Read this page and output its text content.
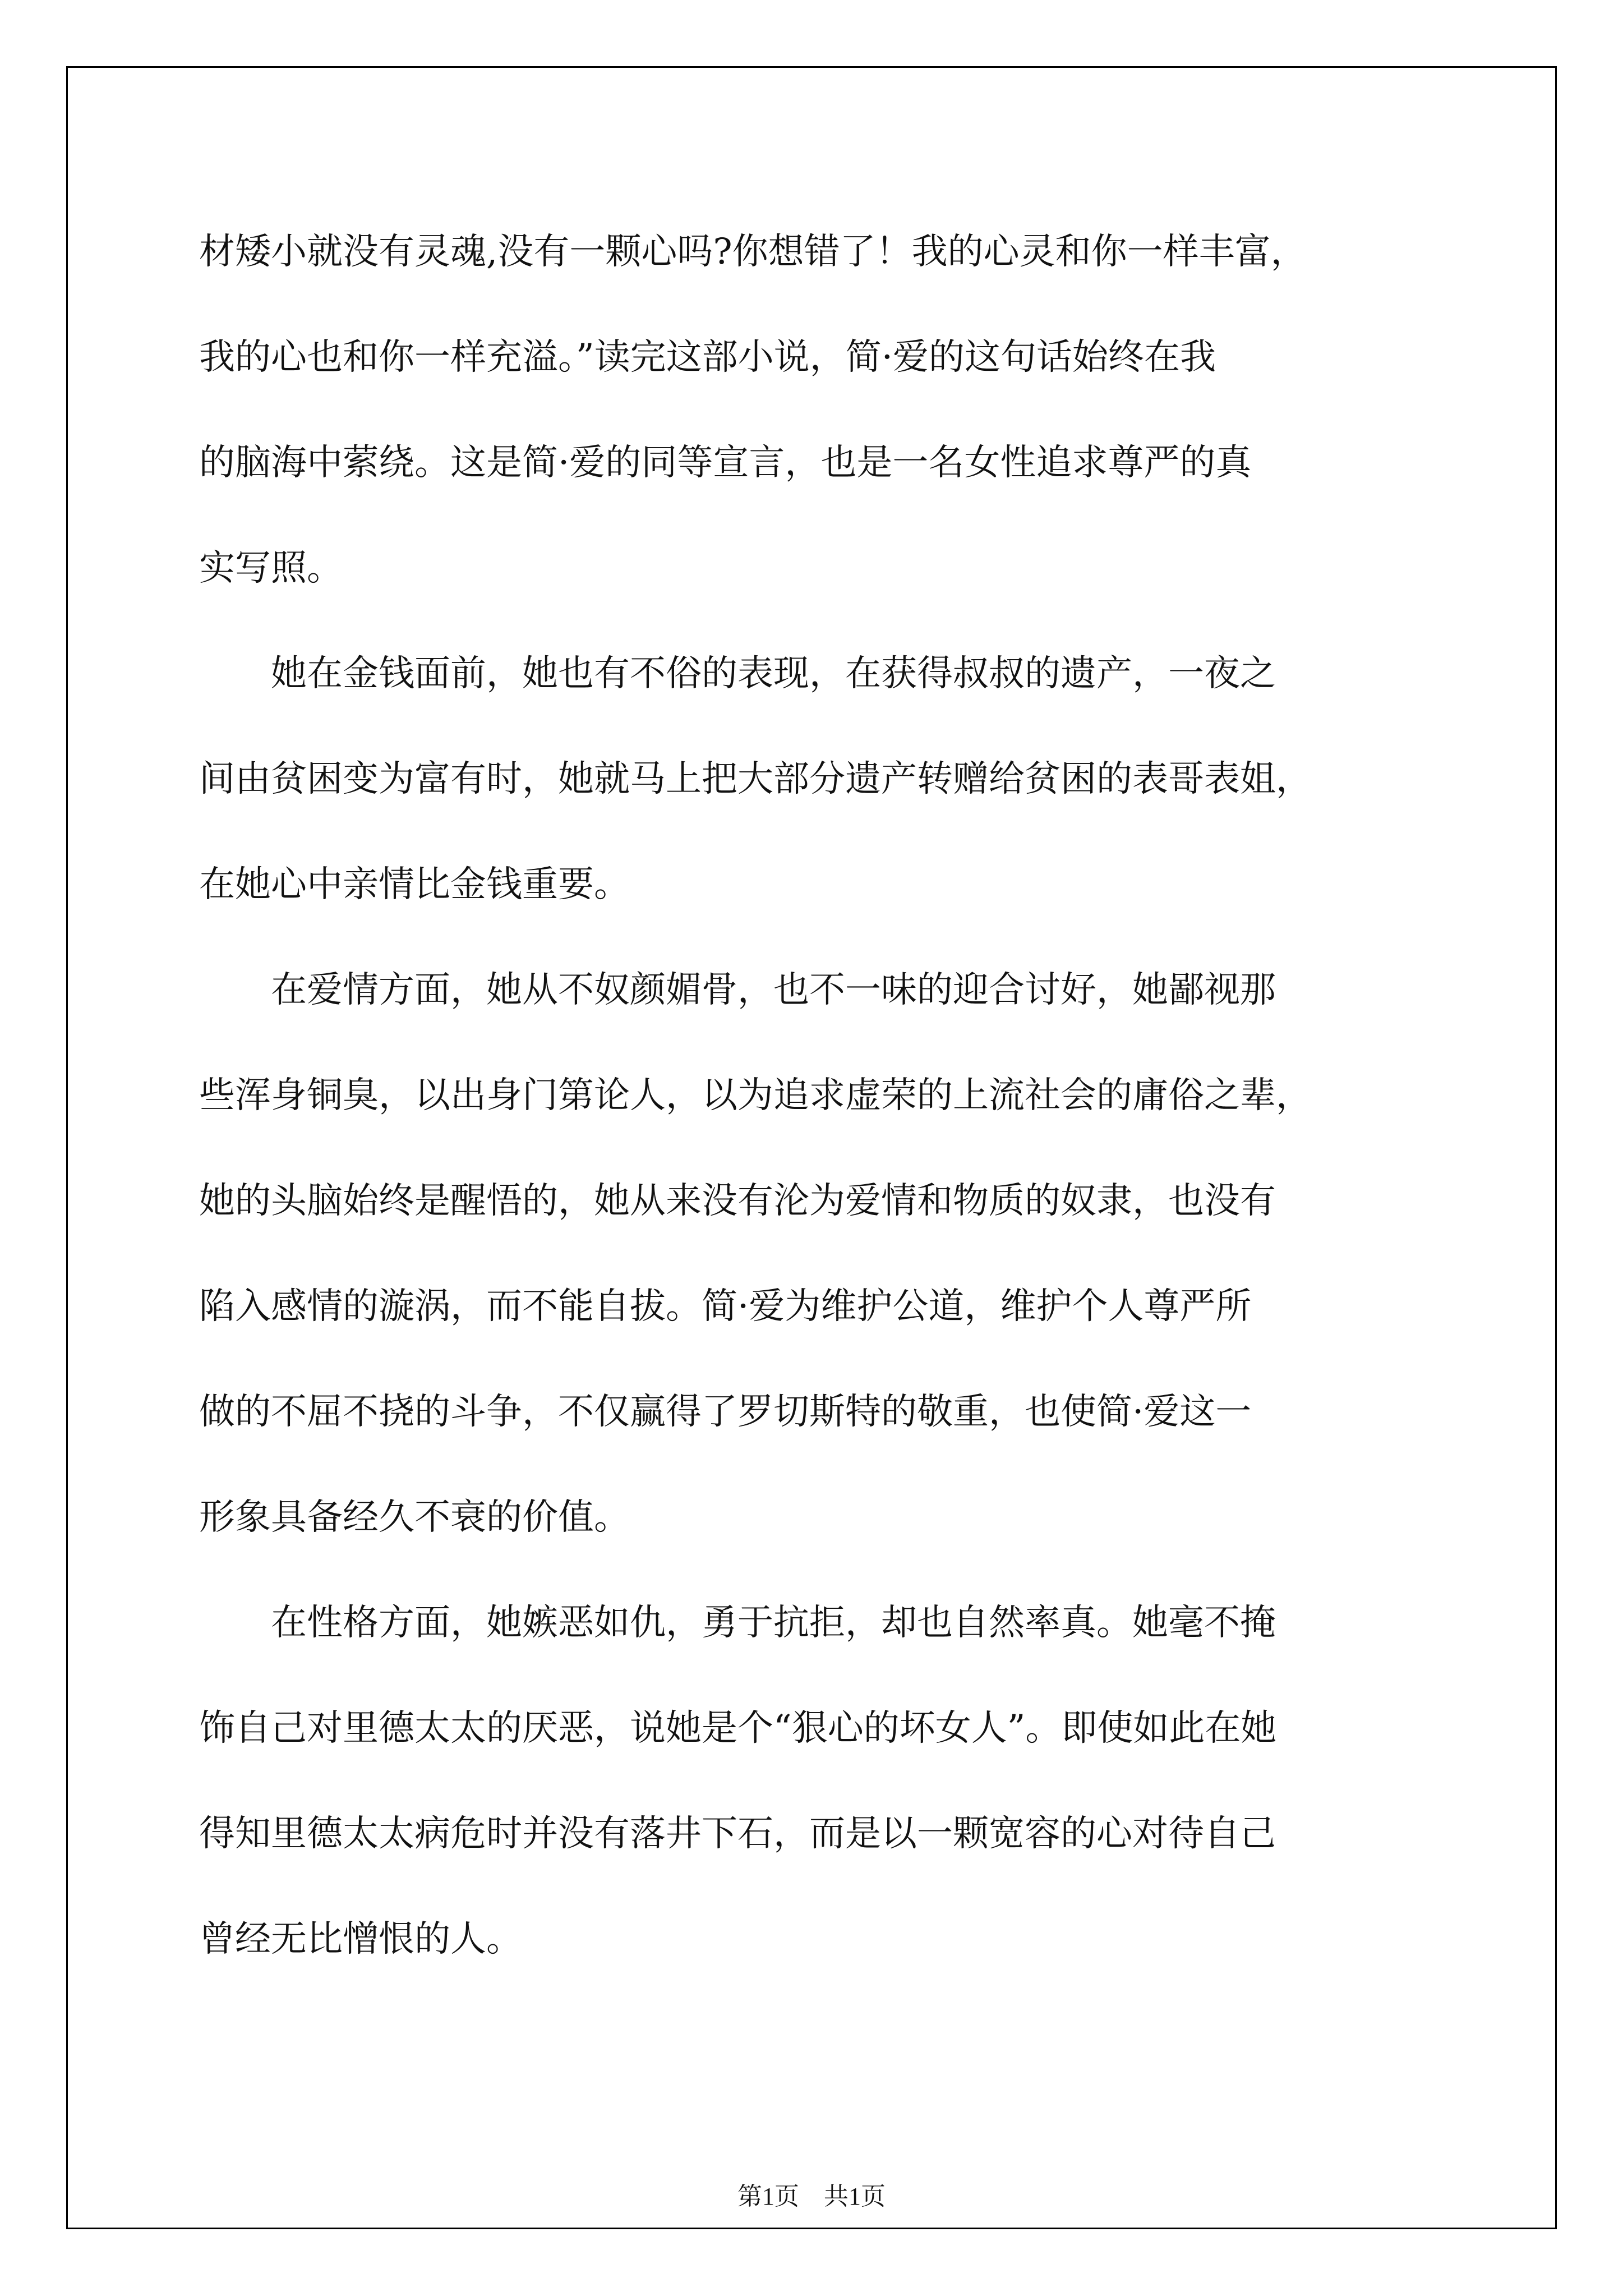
材矮小就没有灵魂,没有一颗心吗?你想错了！我的心灵和你一样丰富，
我的心也和你一样充溢。”读完这部小说，简·爱的这句话始终在我
的脑海中萦绕。这是简·爱的同等宣言，也是一名女性追求尊严的真
实写照。
　　她在金钱面前，她也有不俗的表现，在获得叔叔的遗产，一夜之
间由贫困变为富有时，她就马上把大部分遗产转赠给贫困的表哥表姐，
在她心中亲情比金钱重要。
　　在爱情方面，她从不奴颜媚骨，也不一味的迎合讨好，她鄙视那
些浑身铜臭，以出身门第论人，以为追求虚荣的上流社会的庸俗之辈，
她的头脑始终是醒悟的，她从来没有沦为爱情和物质的奴隶，也没有
陷入感情的漩涡，而不能自拔。简·爱为维护公道，维护个人尊严所
做的不屈不挠的斗争，不仅赢得了罗切斯特的敬重，也使简·爱这一
形象具备经久不衰的价值。
　　在性格方面，她嫉恶如仇，勇于抗拒，却也自然率真。她毫不掩
饰自己对里德太太的厌恶，说她是个“狠心的坏女人”。即使如此在她
得知里德太太病危时并没有落井下石，而是以一颗宽容的心对待自己
曾经无比憎恨的人。
第1页　共1页
